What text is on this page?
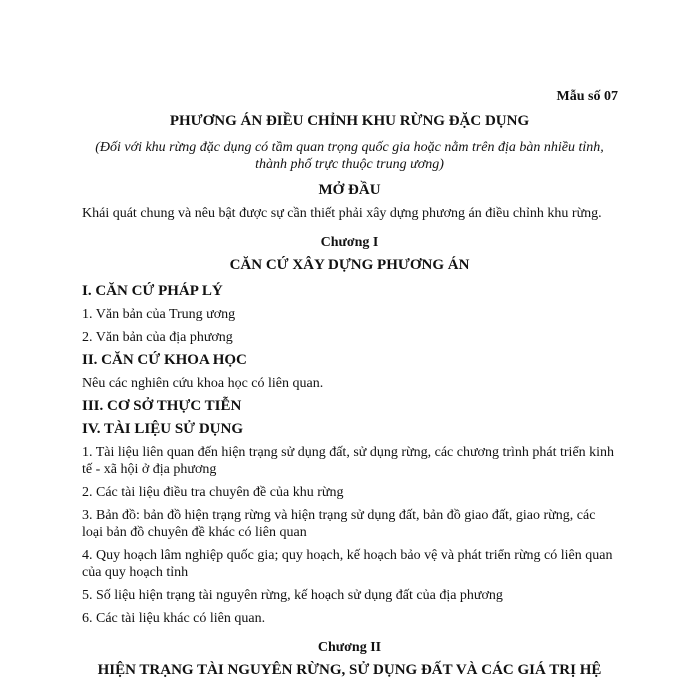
Mẫu số 07

PHƯƠNG ÁN ĐIỀU CHỈNH KHU RỪNG ĐẶC DỤNG

(Đối với khu rừng đặc dụng có tầm quan trọng quốc gia hoặc nằm trên địa bàn nhiều tỉnh, thành phố trực thuộc trung ương)

MỞ ĐẦU

Khái quát chung và nêu bật được sự cần thiết phải xây dựng phương án điều chỉnh khu rừng.

Chương I

CĂN CỨ XÂY DỰNG PHƯƠNG ÁN

I. CĂN CỨ PHÁP LÝ

1. Văn bản của Trung ương

2. Văn bản của địa phương

II. CĂN CỨ KHOA HỌC

Nêu các nghiên cứu khoa học có liên quan.

III. CƠ SỞ THỰC TIỄN

IV. TÀI LIỆU SỬ DỤNG

1. Tài liệu liên quan đến hiện trạng sử dụng đất, sử dụng rừng, các chương trình phát triển kinh tế - xã hội ở địa phương

2. Các tài liệu điều tra chuyên đề của khu rừng

3. Bản đồ: bản đồ hiện trạng rừng và hiện trạng sử dụng đất, bản đồ giao đất, giao rừng, các loại bản đồ chuyên đề khác có liên quan

4. Quy hoạch lâm nghiệp quốc gia; quy hoạch, kế hoạch bảo vệ và phát triển rừng có liên quan của quy hoạch tỉnh

5. Số liệu hiện trạng tài nguyên rừng, kế hoạch sử dụng đất của địa phương

6. Các tài liệu khác có liên quan.

Chương II

HIỆN TRẠNG TÀI NGUYÊN RỪNG, SỬ DỤNG ĐẤT VÀ CÁC GIÁ TRỊ HỆ
